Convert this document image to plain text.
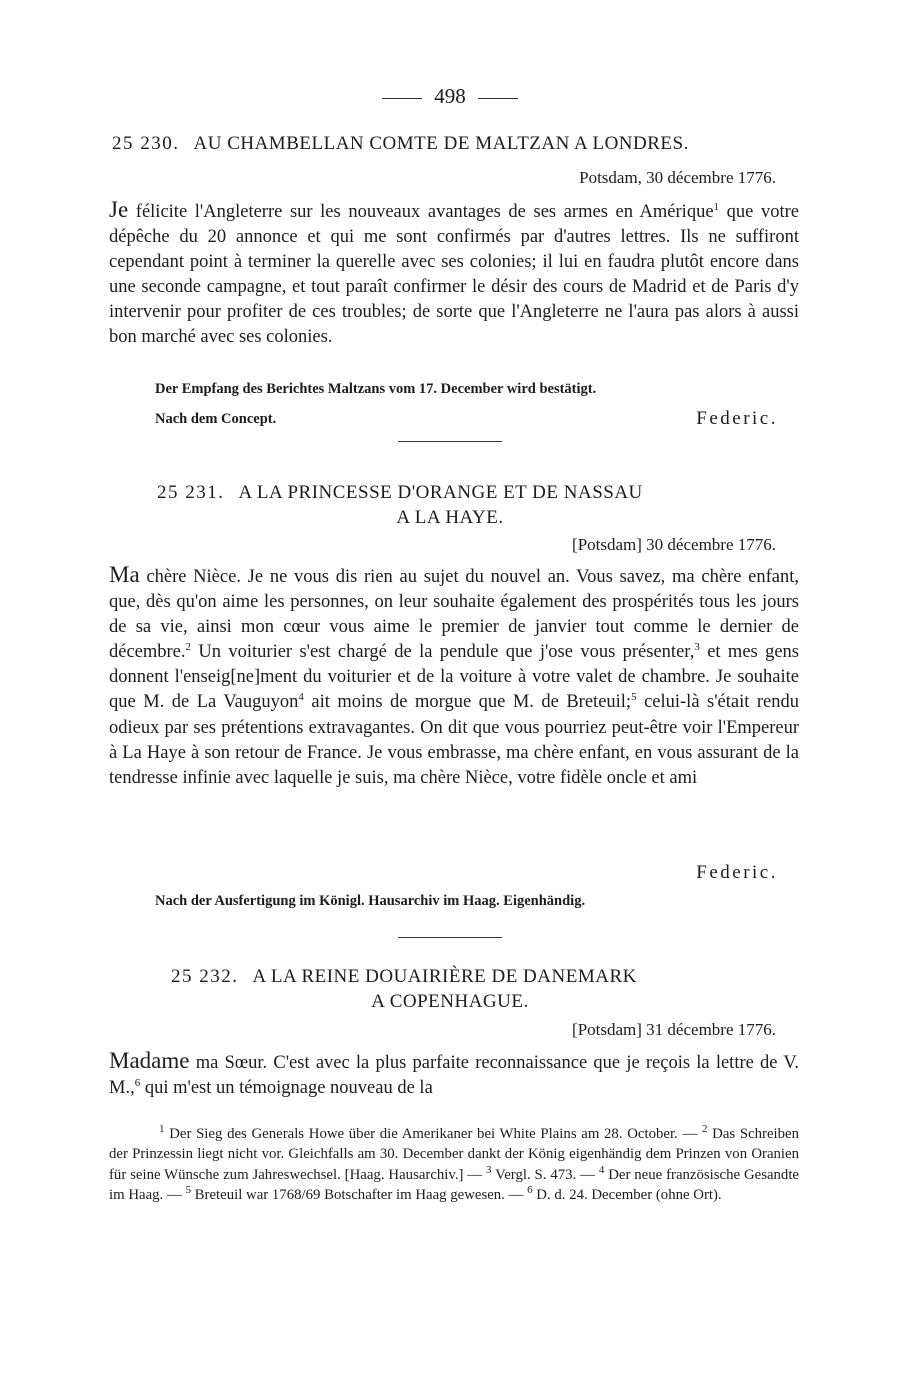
498
25 230. AU CHAMBELLAN COMTE DE MALTZAN A LONDRES.
Potsdam, 30 décembre 1776.

Je félicite l'Angleterre sur les nouveaux avantages de ses armes en Amérique$^1$ que votre dépêche du 20 annonce et qui me sont confirmés par d'autres lettres. Ils ne suffiront cependant point à terminer la querelle avec ses colonies; il lui en faudra plutôt encore dans une seconde campagne, et tout paraît confirmer le désir des cours de Madrid et de Paris d'y intervenir pour profiter de ces troubles; de sorte que l'Angleterre ne l'aura pas alors à aussi bon marché avec ses colonies.

Der Empfang des Berichtes Maltzans vom 17. December wird bestätigt.
Nach dem Concept.	Federic.
25 231. A LA PRINCESSE D'ORANGE ET DE NASSAU
A LA HAYE.
[Potsdam] 30 décembre 1776.

Ma chère Nièce. Je ne vous dis rien au sujet du nouvel an. Vous savez, ma chère enfant, que, dès qu'on aime les personnes, on leur souhaite également des prospérités tous les jours de sa vie, ainsi mon cœur vous aime le premier de janvier tout comme le dernier de décembre.$^2$ Un voiturier s'est chargé de la pendule que j'ose vous présenter,$^3$ et mes gens donnent l'enseig[ne]ment du voiturier et de la voiture à votre valet de chambre. Je souhaite que M. de La Vauguyon$^4$ ait moins de morgue que M. de Breteuil;$^5$ celui-là s'était rendu odieux par ses prétentions extravagantes. On dit que vous pourriez peut-être voir l'Empereur à La Haye à son retour de France. Je vous embrasse, ma chère enfant, en vous assurant de la tendresse infinie avec laquelle je suis, ma chère Nièce, votre fidèle oncle et ami

Federic.
Nach der Ausfertigung im Königl. Hausarchiv im Haag. Eigenhändig.
25 232. A LA REINE DOUAIRIÈRE DE DANEMARK
A COPENHAGUE.
[Potsdam] 31 décembre 1776.

Madame ma Sœur. C'est avec la plus parfaite reconnaissance que je reçois la lettre de V. M.,$^6$ qui m'est un témoignage nouveau de la

$^1$ Der Sieg des Generals Howe über die Amerikaner bei White Plains am 28. October. — $^2$ Das Schreiben der Prinzessin liegt nicht vor. Gleichfalls am 30. December dankt der König eigenhändig dem Prinzen von Oranien für seine Wünsche zum Jahreswechsel. [Haag. Hausarchiv.] — $^3$ Vergl. S. 473. — $^4$ Der neue französische Gesandte im Haag. — $^5$ Breteuil war 1768/69 Botschafter im Haag gewesen. — $^6$ D. d. 24. December (ohne Ort).
